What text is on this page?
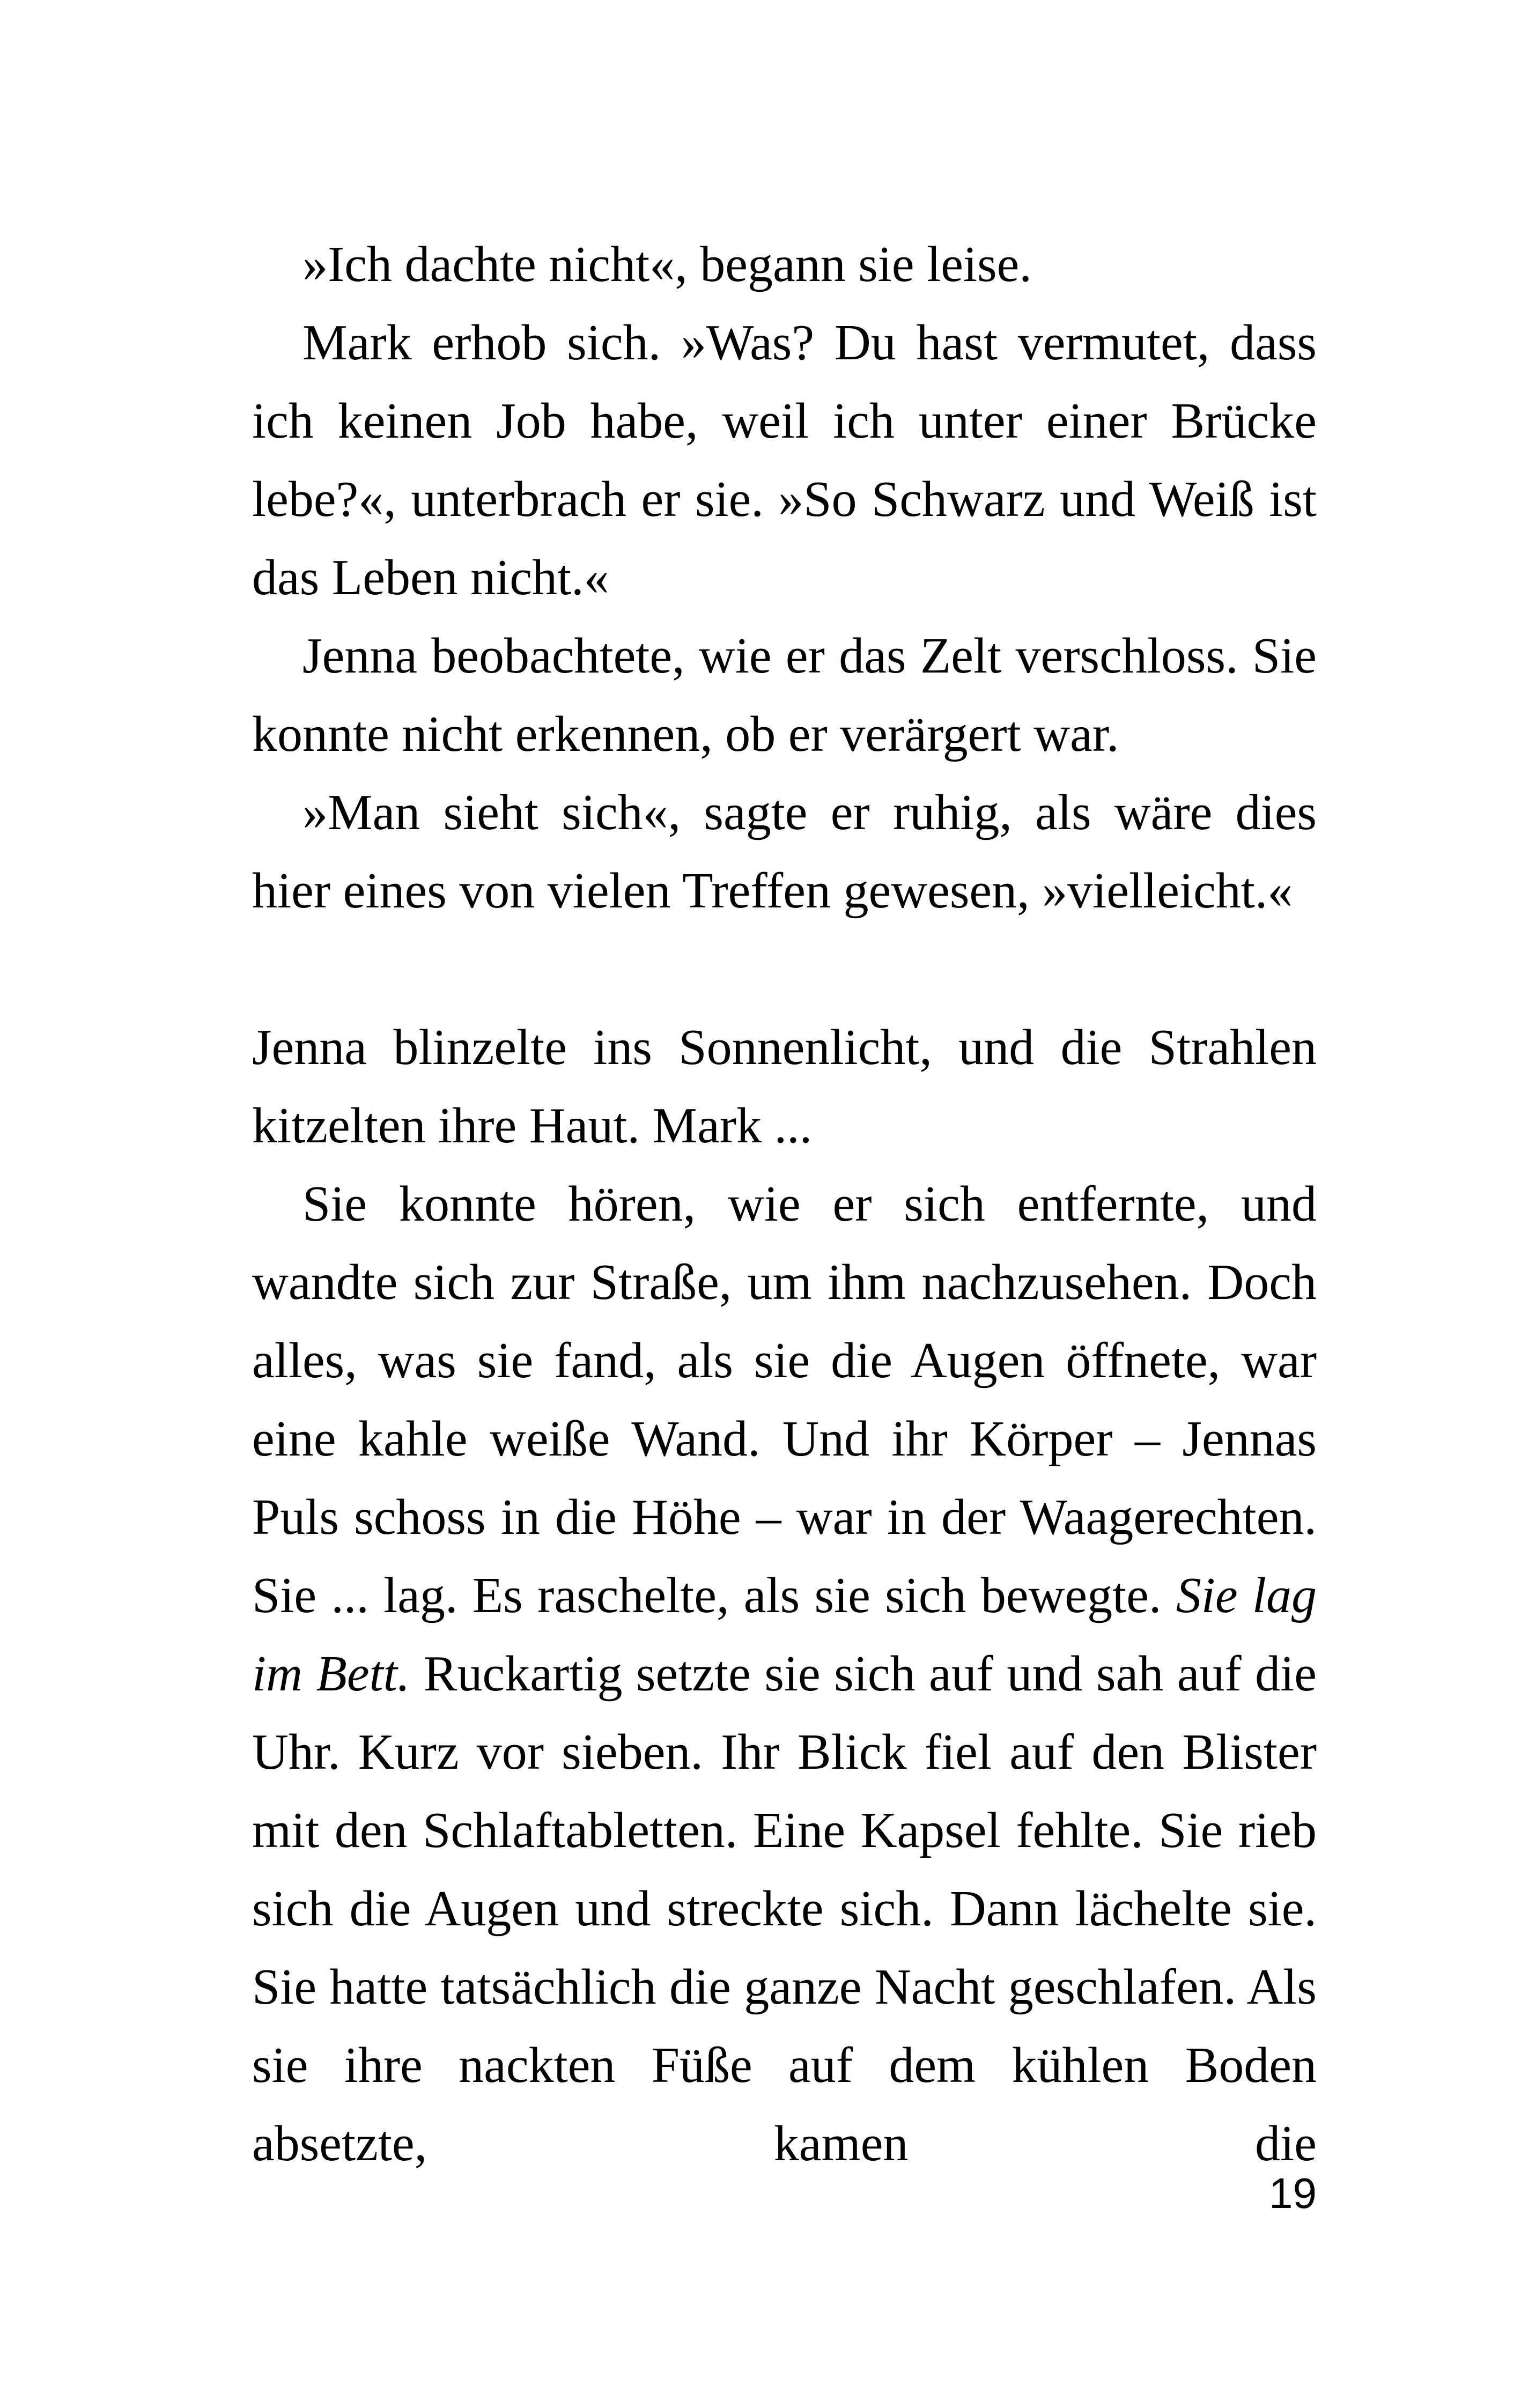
»Ich dachte nicht«, begann sie leise.

Mark erhob sich. »Was? Du hast vermutet, dass ich keinen Job habe, weil ich unter einer Brücke lebe?«, unterbrach er sie. »So Schwarz und Weiß ist das Leben nicht.«

Jenna beobachtete, wie er das Zelt verschloss. Sie konnte nicht erkennen, ob er verärgert war.

»Man sieht sich«, sagte er ruhig, als wäre dies hier eines von vielen Treffen gewesen, »vielleicht.«

Jenna blinzelte ins Sonnenlicht, und die Strahlen kitzelten ihre Haut. Mark ...

Sie konnte hören, wie er sich entfernte, und wandte sich zur Straße, um ihm nachzusehen. Doch alles, was sie fand, als sie die Augen öffnete, war eine kahle weiße Wand. Und ihr Körper – Jennas Puls schoss in die Höhe – war in der Waagerechten. Sie ... lag. Es raschelte, als sie sich bewegte. Sie lag im Bett. Ruckartig setzte sie sich auf und sah auf die Uhr. Kurz vor sieben. Ihr Blick fiel auf den Blister mit den Schlaftabletten. Eine Kapsel fehlte. Sie rieb sich die Augen und streckte sich. Dann lächelte sie. Sie hatte tatsächlich die ganze Nacht geschlafen. Als sie ihre nackten Füße auf dem kühlen Boden absetzte, kamen die

19
